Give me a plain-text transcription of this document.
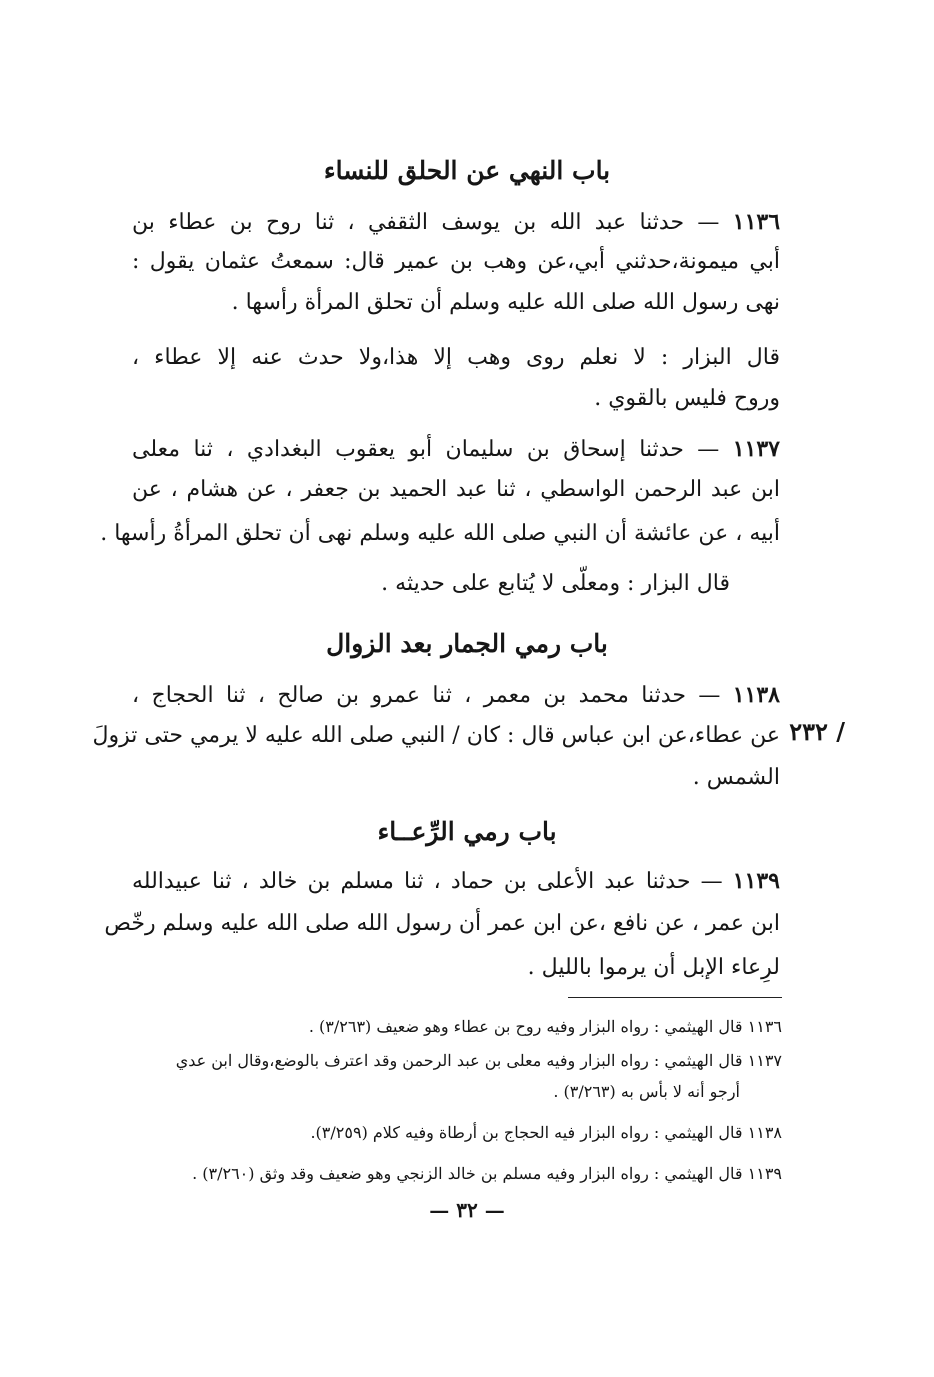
باب النهي عن الحلق للنساء
١١٣٦ — حدثنا عبد الله بن يوسف الثقفي ، ثنا روح بن عطاء بن
أبي ميمونة،حدثني أبي،عن وهب بن عمير قال: سمعتُ عثمان يقول :
نهى رسول الله صلى الله عليه وسلم أن تحلق المرأة رأسها .
قال البزار : لا نعلم روى وهب إلا هذا،ولا حدث عنه إلا عطاء ،
وروح فليس بالقوي .
١١٣٧ — حدثنا إسحاق بن سليمان أبو يعقوب البغدادي ، ثنا معلى
ابن عبد الرحمن الواسطي ، ثنا عبد الحميد بن جعفر ، عن هشام ، عن
أبيه ، عن عائشة أن النبي صلى الله عليه وسلم نهى أن تحلق المرأةُ رأسها .
قال البزار : ومعلّى لا يُتابع على حديثه .
باب رمي الجمار بعد الزوال
١١٣٨ — حدثنا محمد بن معمر ، ثنا عمرو بن صالح ، ثنا الحجاج ،
٢٣٢ /
عن عطاء،عن ابن عباس قال : كان / النبي صلى الله عليه لا يرمي حتى تزولَ
الشمس .
باب رمي الرِّعــاء
١١٣٩ — حدثنا عبد الأعلى بن حماد ، ثنا مسلم بن خالد ، ثنا عبيدالله
ابن عمر ، عن نافع ،عن ابن عمر أن رسول الله صلى الله عليه وسلم رخّص
لرِعاء الإبل أن يرموا بالليل .
١١٣٦ قال الهيثمي : رواه البزار وفيه روح بن عطاء وهو ضعيف (٣/٢٦٣) .
١١٣٧ قال الهيثمي : رواه البزار وفيه معلى بن عبد الرحمن وقد اعترف بالوضع،وقال ابن عدي
أرجو أنه لا بأس به (٣/٢٦٣) .
١١٣٨ قال الهيثمي : رواه البزار فيه الحجاج بن أرطاة وفيه كلام (٣/٢٥٩).
١١٣٩ قال الهيثمي : رواه البزار وفيه مسلم بن خالد الزنجي وهو ضعيف وقد وثق (٣/٢٦٠) .
— ٣٢ —
